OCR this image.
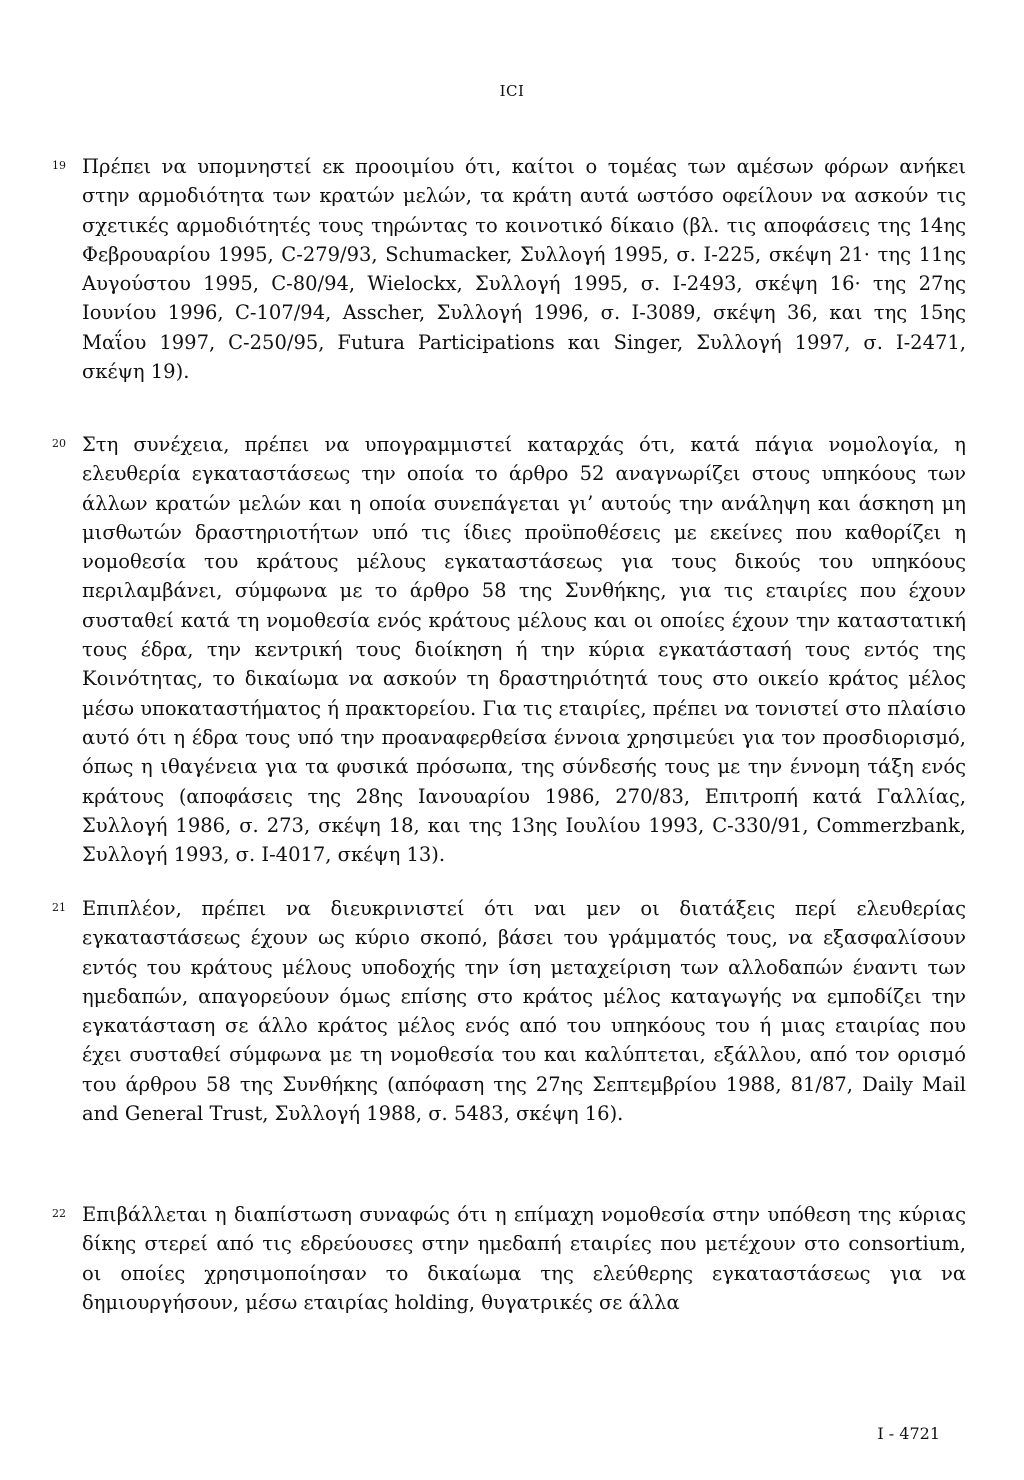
ICI
19 Πρέπει να υπομνηστεί εκ προοιμίου ότι, καίτοι ο τομέας των αμέσων φόρων ανήκει στην αρμοδιότητα των κρατών μελών, τα κράτη αυτά ωστόσο οφείλουν να ασκούν τις σχετικές αρμοδιότητές τους τηρώντας το κοινοτικό δίκαιο (βλ. τις αποφάσεις της 14ης Φεβρουαρίου 1995, C-279/93, Schumacker, Συλλογή 1995, σ. I-225, σκέψη 21· της 11ης Αυγούστου 1995, C-80/94, Wielockx, Συλλογή 1995, σ. I-2493, σκέψη 16· της 27ης Ιουνίου 1996, C-107/94, Asscher, Συλλογή 1996, σ. I-3089, σκέψη 36, και της 15ης Μαΐου 1997, C-250/95, Futura Participations και Singer, Συλλογή 1997, σ. I-2471, σκέψη 19).

20 Στη συνέχεια, πρέπει να υπογραμμιστεί καταρχάς ότι, κατά πάγια νομολογία, η ελευθερία εγκαταστάσεως την οποία το άρθρο 52 αναγνωρίζει στους υπηκόους των άλλων κρατών μελών και η οποία συνεπάγεται γι’ αυτούς την ανάληψη και άσκηση μη μισθωτών δραστηριοτήτων υπό τις ίδιες προϋποθέσεις με εκείνες που καθορίζει η νομοθεσία του κράτους μέλους εγκαταστάσεως για τους δικούς του υπηκόους περιλαμβάνει, σύμφωνα με το άρθρο 58 της Συνθήκης, για τις εταιρίες που έχουν συσταθεί κατά τη νομοθεσία ενός κράτους μέλους και οι οποίες έχουν την καταστατική τους έδρα, την κεντρική τους διοίκηση ή την κύρια εγκατάστασή τους εντός της Κοινότητας, το δικαίωμα να ασκούν τη δραστηριότητά τους στο οικείο κράτος μέλος μέσω υποκαταστήματος ή πρακτορείου. Για τις εταιρίες, πρέπει να τονιστεί στο πλαίσιο αυτό ότι η έδρα τους υπό την προαναφερθείσα έννοια χρησιμεύει για τον προσδιορισμό, όπως η ιθαγένεια για τα φυσικά πρόσωπα, της σύνδεσής τους με την έννομη τάξη ενός κράτους (αποφάσεις της 28ης Ιανουαρίου 1986, 270/83, Επιτροπή κατά Γαλλίας, Συλλογή 1986, σ. 273, σκέψη 18, και της 13ης Ιουλίου 1993, C-330/91, Commerzbank, Συλλογή 1993, σ. I-4017, σκέψη 13).

21 Επιπλέον, πρέπει να διευκρινιστεί ότι ναι μεν οι διατάξεις περί ελευθερίας εγκαταστάσεως έχουν ως κύριο σκοπό, βάσει του γράμματός τους, να εξασφαλίσουν εντός του κράτους μέλους υποδοχής την ίση μεταχείριση των αλλοδαπών έναντι των ημεδαπών, απαγορεύουν όμως επίσης στο κράτος μέλος καταγωγής να εμποδίζει την εγκατάσταση σε άλλο κράτος μέλος ενός από του υπηκόους του ή μιας εταιρίας που έχει συσταθεί σύμφωνα με τη νομοθεσία του και καλύπτεται, εξάλλου, από τον ορισμό του άρθρου 58 της Συνθήκης (απόφαση της 27ης Σεπτεμβρίου 1988, 81/87, Daily Mail and General Trust, Συλλογή 1988, σ. 5483, σκέψη 16).

22 Επιβάλλεται η διαπίστωση συναφώς ότι η επίμαχη νομοθεσία στην υπόθεση της κύριας δίκης στερεί από τις εδρεύουσες στην ημεδαπή εταιρίες που μετέχουν στο consortium, οι οποίες χρησιμοποίησαν το δικαίωμα της ελεύθερης εγκαταστάσεως για να δημιουργήσουν, μέσω εταιρίας holding, θυγατρικές σε άλλα

I - 4721
